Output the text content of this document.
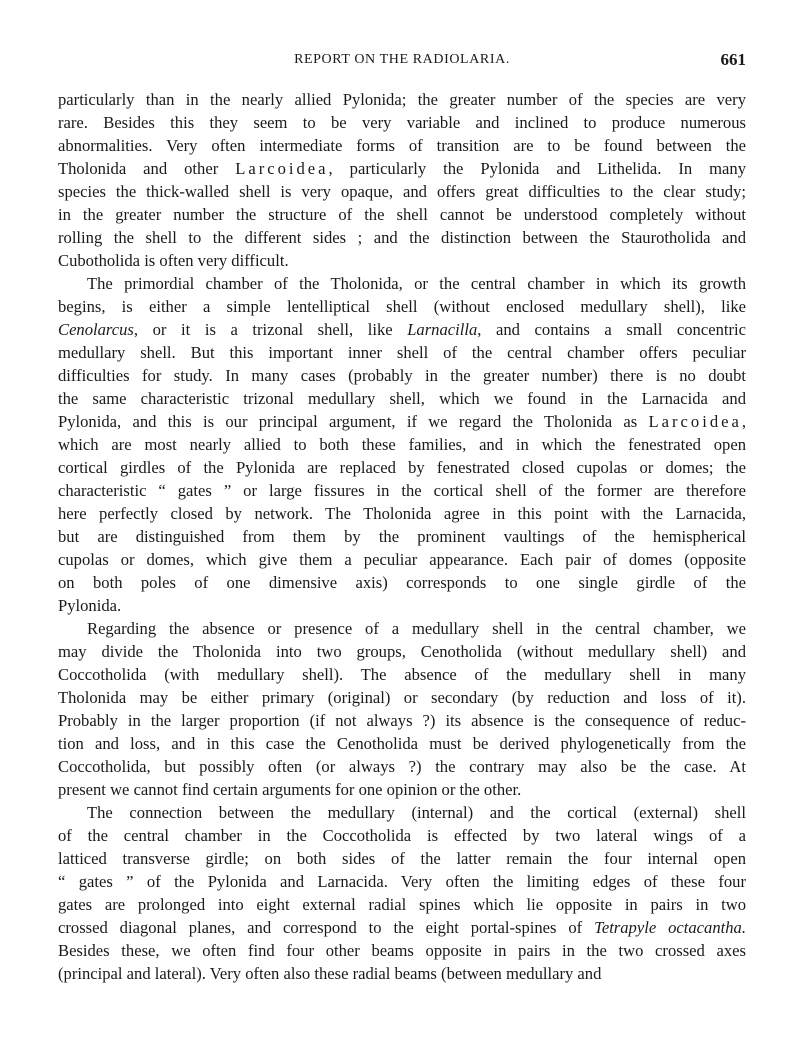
REPORT ON THE RADIOLARIA.	661
particularly than in the nearly allied Pylonida; the greater number of the species are very
rare. Besides this they seem to be very variable and inclined to produce numerous
abnormalities. Very often intermediate forms of transition are to be found between the
Tholonida and other Larcoidea, particularly the Pylonida and Lithelida. In many
species the thick-walled shell is very opaque, and offers great difficulties to the clear study;
in the greater number the structure of the shell cannot be understood completely without
rolling the shell to the different sides ; and the distinction between the Staurotholida and
Cubotholida is often very difficult.
The primordial chamber of the Tholonida, or the central chamber in which its growth
begins, is either a simple lentelliptical shell (without enclosed medullary shell), like
Cenolarcus, or it is a trizonal shell, like Larnacilla, and contains a small concentric
medullary shell. But this important inner shell of the central chamber offers peculiar
difficulties for study. In many cases (probably in the greater number) there is no doubt
the same characteristic trizonal medullary shell, which we found in the Larnacida and
Pylonida, and this is our principal argument, if we regard the Tholonida as Larcoidea,
which are most nearly allied to both these families, and in which the fenestrated open
cortical girdles of the Pylonida are replaced by fenestrated closed cupolas or domes; the
characteristic “ gates ” or large fissures in the cortical shell of the former are therefore
here perfectly closed by network. The Tholonida agree in this point with the Larnacida,
but are distinguished from them by the prominent vaultings of the hemispherical
cupolas or domes, which give them a peculiar appearance. Each pair of domes (opposite
on both poles of one dimensive axis) corresponds to one single girdle of the
Pylonida.
Regarding the absence or presence of a medullary shell in the central chamber, we
may divide the Tholonida into two groups, Cenotholida (without medullary shell) and
Coccotholida (with medullary shell). The absence of the medullary shell in many
Tholonida may be either primary (original) or secondary (by reduction and loss of it).
Probably in the larger proportion (if not always ?) its absence is the consequence of reduc-
tion and loss, and in this case the Cenotholida must be derived phylogenetically from the
Coccotholida, but possibly often (or always ?) the contrary may also be the case. At
present we cannot find certain arguments for one opinion or the other.
The connection between the medullary (internal) and the cortical (external) shell
of the central chamber in the Coccotholida is effected by two lateral wings of a
latticed transverse girdle; on both sides of the latter remain the four internal open
“ gates ” of the Pylonida and Larnacida. Very often the limiting edges of these four
gates are prolonged into eight external radial spines which lie opposite in pairs in two
crossed diagonal planes, and correspond to the eight portal-spines of Tetrapyle octacantha.
Besides these, we often find four other beams opposite in pairs in the two crossed axes
(principal and lateral). Very often also these radial beams (between medullary and
